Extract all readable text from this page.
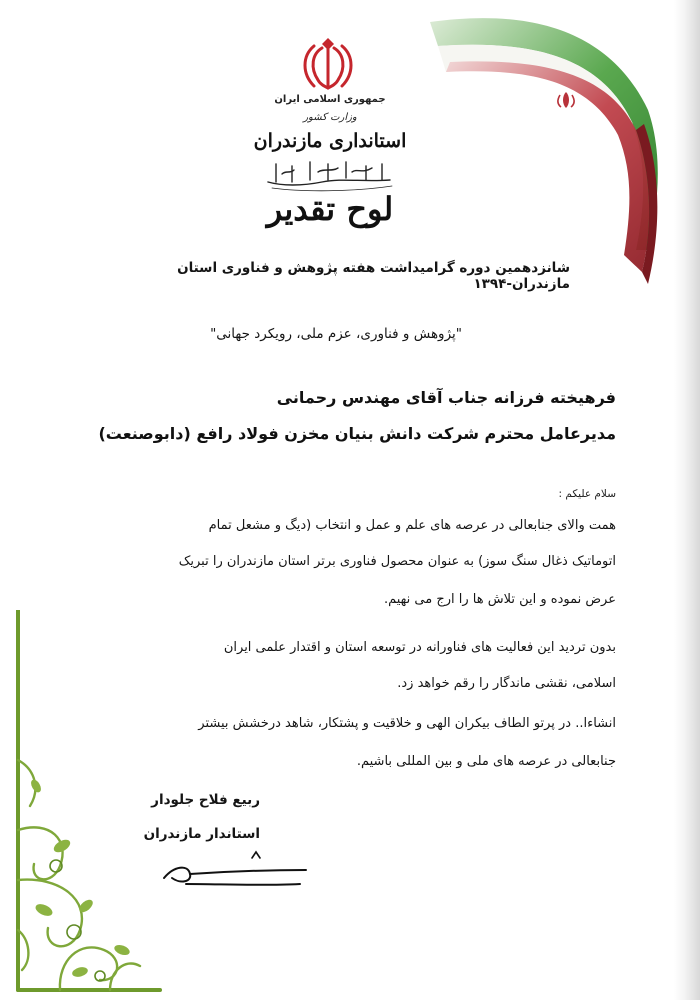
جمهوری اسلامی ایران
وزارت کشور
استانداری مازندران
لوح تقدیر
شانزدهمین دوره گرامیداشت هفته پژوهش و فناوری استان مازندران-۱۳۹۴
"پژوهش و فناوری، عزم ملی، رویکرد جهانی"
فرهیخته فرزانه جناب آقای مهندس رحمانی
مدیرعامل محترم شرکت دانش بنیان مخزن فولاد رافع (دابوصنعت)
سلام علیکم :
همت والای جنابعالی در عرصه های علم و عمل و انتخاب (دیگ و مشعل تمام
اتوماتیک ذغال سنگ سوز) به عنوان محصول فناوری برتر استان مازندران را تبریک
عرض نموده و این تلاش ها را ارج می نهیم.
بدون تردید این فعالیت های فناورانه در توسعه استان و اقتدار علمی ایران
اسلامی، نقشی ماندگار را رقم خواهد زد.
انشاءا.. در پرتو الطاف بیکران الهی و خلاقیت و پشتکار، شاهد درخشش بیشتر
جنابعالی در عرصه های ملی و بین المللی باشیم.
ربیع فلاح جلودار
استاندار مازندران
